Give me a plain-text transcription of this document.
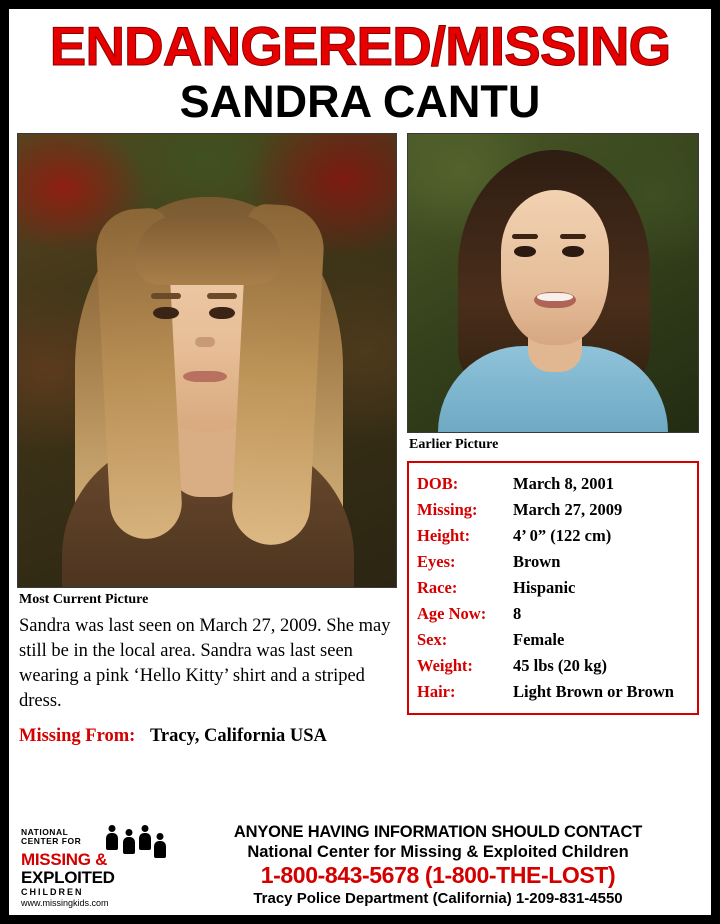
ENDANGERED/MISSING
SANDRA CANTU
Most Current Picture
Sandra was last seen on March 27, 2009. She may still be in the local area. Sandra was last seen wearing a pink ‘Hello Kitty’ shirt and a striped dress.
Missing From: Tracy, California USA
Earlier Picture
DOB:	March 8, 2001
Missing:	March 27, 2009
Height:	4’ 0” (122 cm)
Eyes:	Brown
Race:	Hispanic
Age Now:	8
Sex:	Female
Weight:	45 lbs (20 kg)
Hair:	Light Brown or Brown
NATIONAL
CENTER FOR
MISSING &
EXPLOITED
CHILDREN
www.missingkids.com
ANYONE HAVING INFORMATION SHOULD CONTACT
National Center for Missing & Exploited Children
1-800-843-5678 (1-800-THE-LOST)
Tracy Police Department (California) 1-209-831-4550
